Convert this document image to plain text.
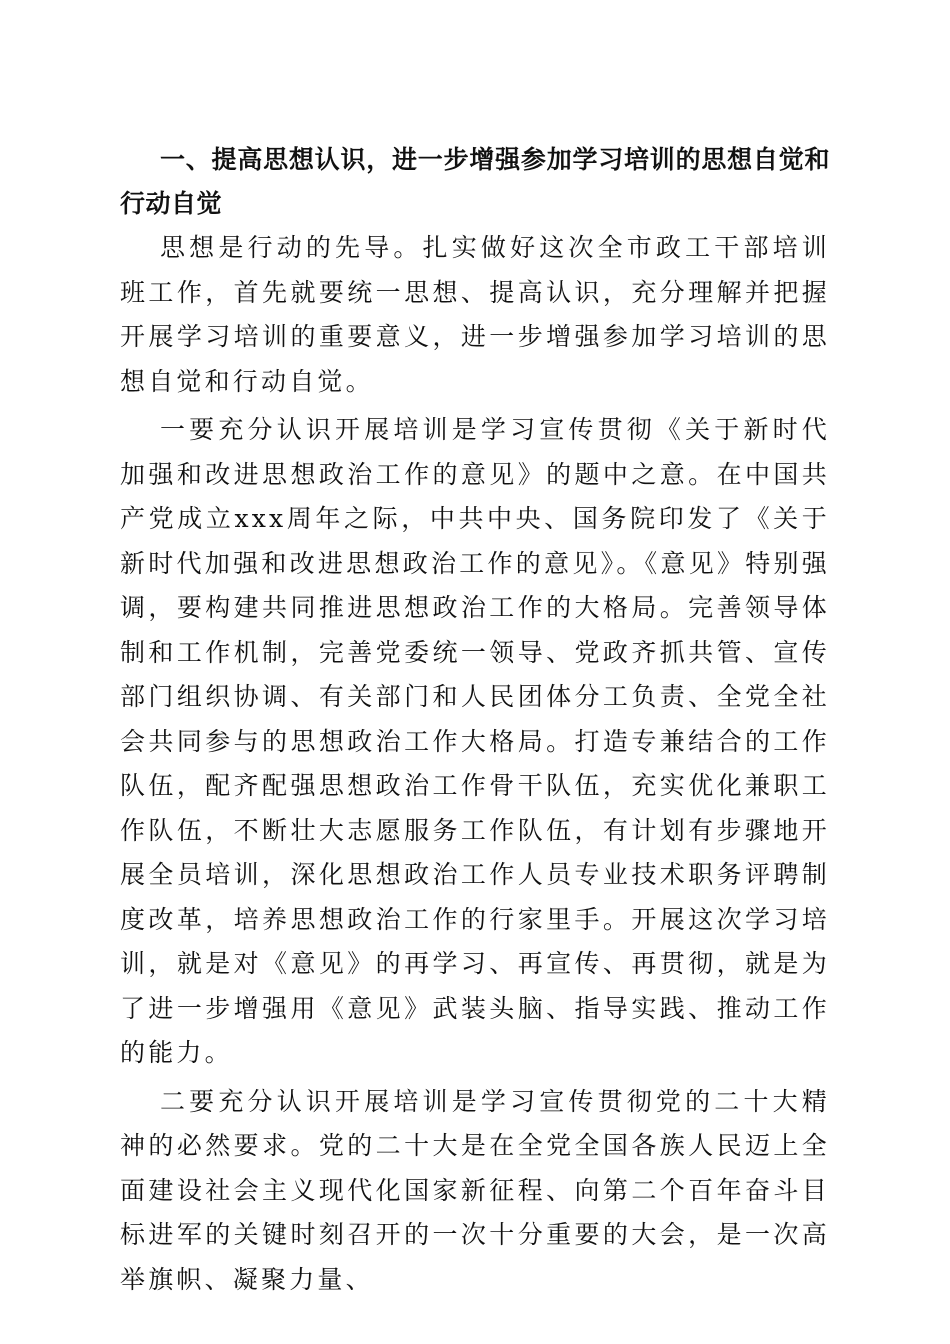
一、提高思想认识，进一步增强参加学习培训的思想自觉和行动自觉

思想是行动的先导。扎实做好这次全市政工干部培训班工作，首先就要统一思想、提高认识，充分理解并把握开展学习培训的重要意义，进一步增强参加学习培训的思想自觉和行动自觉。

一要充分认识开展培训是学习宣传贯彻《关于新时代加强和改进思想政治工作的意见》的题中之意。在中国共产党成立xxx周年之际，中共中央、国务院印发了《关于新时代加强和改进思想政治工作的意见》。《意见》特别强调，要构建共同推进思想政治工作的大格局。完善领导体制和工作机制，完善党委统一领导、党政齐抓共管、宣传部门组织协调、有关部门和人民团体分工负责、全党全社会共同参与的思想政治工作大格局。打造专兼结合的工作队伍，配齐配强思想政治工作骨干队伍，充实优化兼职工作队伍，不断壮大志愿服务工作队伍，有计划有步骤地开展全员培训，深化思想政治工作人员专业技术职务评聘制度改革，培养思想政治工作的行家里手。开展这次学习培训，就是对《意见》的再学习、再宣传、再贯彻，就是为了进一步增强用《意见》武装头脑、指导实践、推动工作的能力。

二要充分认识开展培训是学习宣传贯彻党的二十大精神的必然要求。党的二十大是在全党全国各族人民迈上全面建设社会主义现代化国家新征程、向第二个百年奋斗目标进军的关键时刻召开的一次十分重要的大会，是一次高举旗帜、凝聚力量、
